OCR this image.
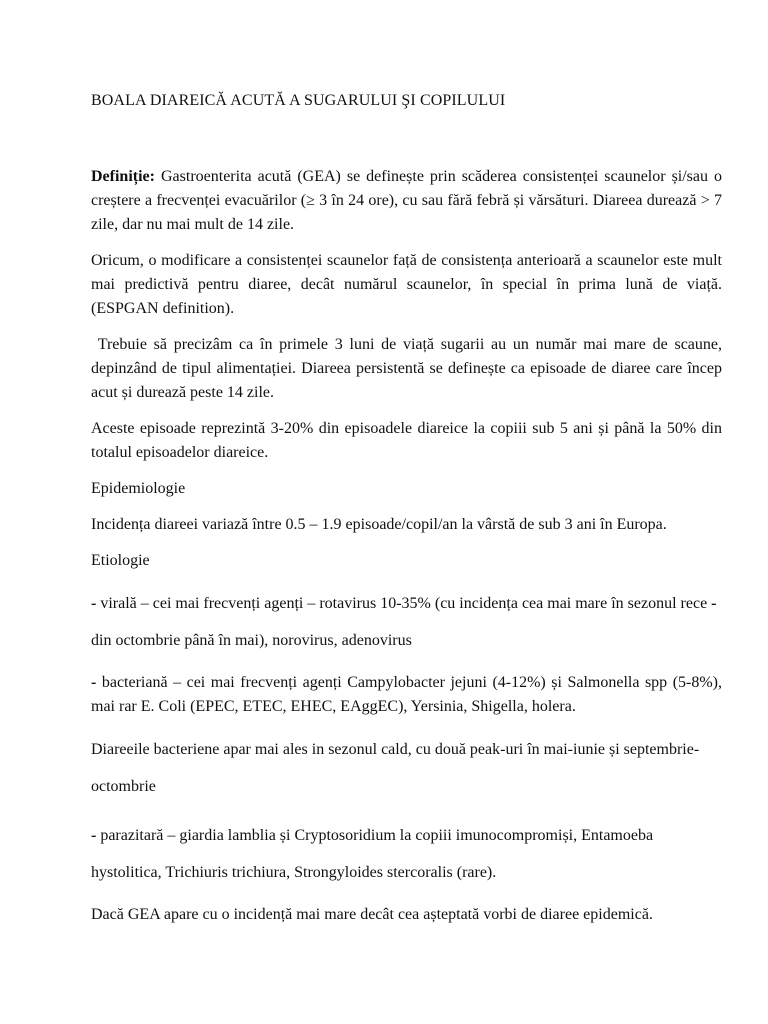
BOALA DIAREICĂ ACUTĂ A SUGARULUI ŞI COPILULUI

Definiție: Gastroenterita acută (GEA) se definește prin scăderea consistenței scaunelor și/sau o creștere a frecvenței evacuărilor (≥ 3 în 24 ore), cu sau fără febră și vărsături. Diareea durează > 7 zile, dar nu mai mult de 14 zile.

Oricum, o modificare a consistenței scaunelor față de consistența anterioară a scaunelor este mult mai predictivă pentru diaree, decât numărul scaunelor, în special în prima lună de viață. (ESPGAN definition).

Trebuie să precizâm ca în primele 3 luni de viață sugarii au un număr mai mare de scaune, depinzând de tipul alimentației. Diareea persistentă se definește ca episoade de diaree care încep acut și durează peste 14 zile.

Aceste episoade reprezintă 3-20% din episoadele diareice la copiii sub 5 ani și până la 50% din totalul episoadelor diareice.

Epidemiologie

Incidența diareei variază între 0.5 – 1.9 episoade/copil/an la vârstă de sub 3 ani în Europa.

Etiologie

- virală – cei mai frecvenți agenți – rotavirus 10-35% (cu incidența cea mai mare în sezonul rece - din octombrie până în mai), norovirus, adenovirus

- bacteriană – cei mai frecvenți agenți Campylobacter jejuni (4-12%) și Salmonella spp (5-8%), mai rar E. Coli (EPEC, ETEC, EHEC, EAggEC), Yersinia, Shigella, holera.

Diareeile bacteriene apar mai ales in sezonul cald, cu două peak-uri în mai-iunie și septembrie-octombrie

- parazitară – giardia lamblia și Cryptosoridium la copiii imunocompromiși, Entamoeba hystolitica, Trichiuris trichiura, Strongyloides stercoralis (rare).

Dacă GEA apare cu o incidență mai mare decât cea așteptată vorbi de diaree epidemică.
